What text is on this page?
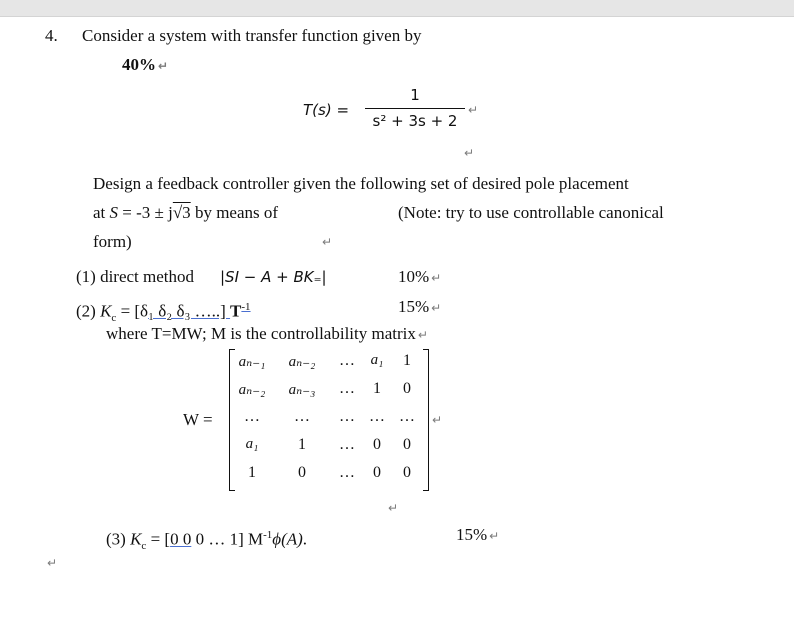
4. Consider a system with transfer function given by
40% ↵
T(s) =
1
s² + 3s + 2
↵
↵
Design a feedback controller given the following set of desired pole placement
at S = -3 ± j√3 by means of	(Note: try to use controllable canonical
form)	↵
(1) direct method |SI − A + BK₌|	10% ↵
(2) $K_c = [\delta_1$ δ₂ δ₃ …..] $T^{-1}$	15% ↵
where T=MW; M is the controllability matrix ↵
W =
aₙ₋₁ aₙ₋₂	…	a₁	1
aₙ₋₂ aₙ₋₃	…	1	0
…	…	… … …
a₁	1	…	0	0
1	0	…	0	0
↵
↵
(3) $K_c = [0$ 0 0 … 1] $M^{-1}\phi(A)$.	15% ↵
↵
